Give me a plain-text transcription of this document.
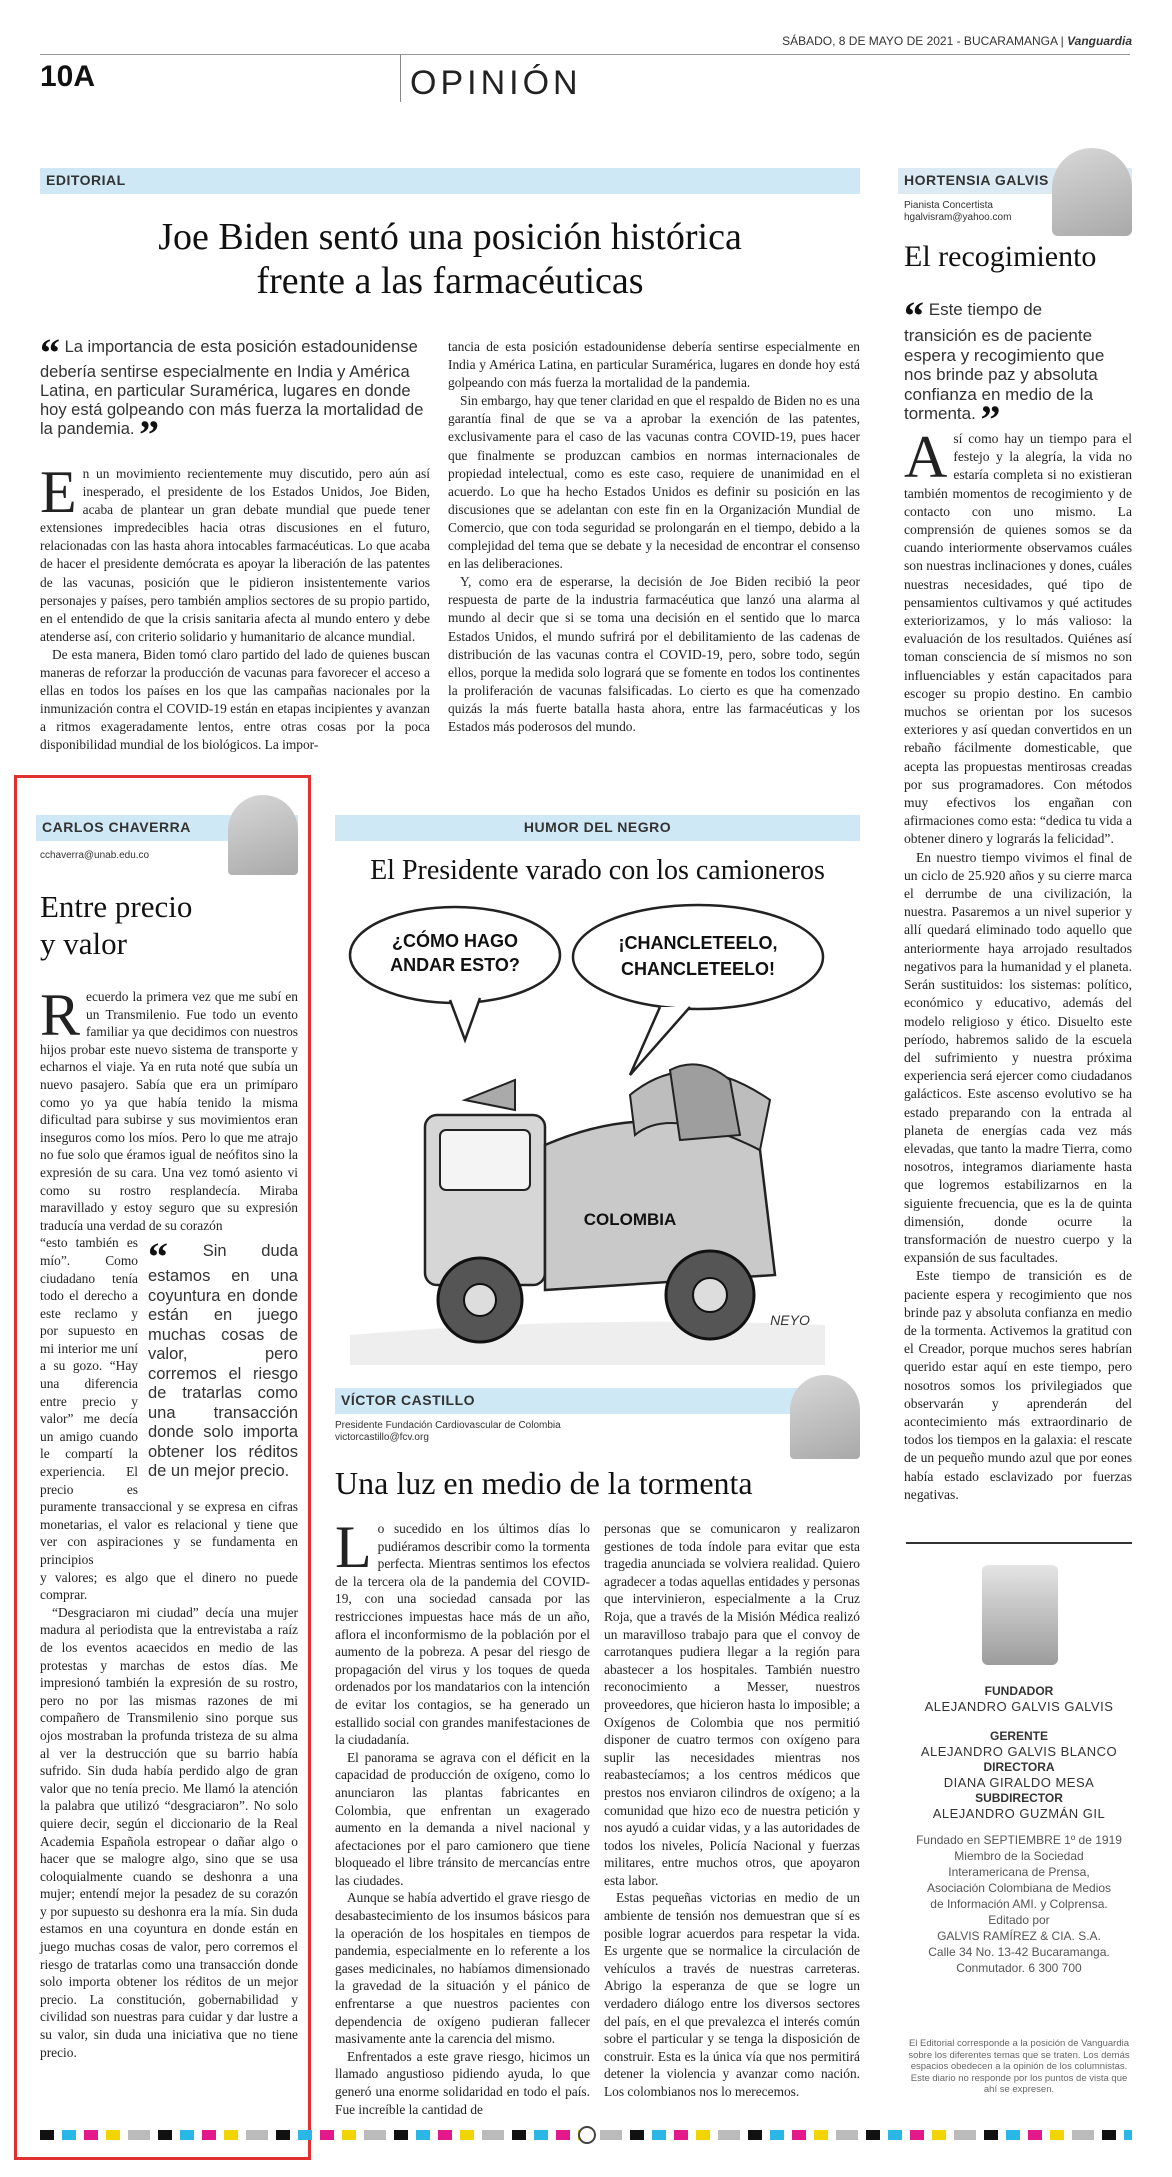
SÁBADO, 8 DE MAYO DE 2021 - BUCARAMANGA | Vanguardia
10A	OPINIÓN
EDITORIAL
Joe Biden sentó una posición histórica
frente a las farmacéuticas
“ La importancia de esta posición estadounidense debería sentirse especialmente en India y América Latina, en particular Suramérica, lugares en donde hoy está golpeando con más fuerza la mortalidad de la pandemia. ”

En un movimiento recientemente muy discutido, pero aún así inesperado, el presidente de los Estados Unidos, Joe Biden, acaba de plantear un gran debate mundial que puede tener extensiones impredecibles hacia otras discusiones en el futuro, relacionadas con las hasta ahora intocables farmacéuticas. Lo que acaba de hacer el presidente demócrata es apoyar la liberación de las patentes de las vacunas, posición que le pidieron insistentemente varios personajes y países, pero también amplios sectores de su propio partido, en el entendido de que la crisis sanitaria afecta al mundo entero y debe atenderse así, con criterio solidario y humanitario de alcance mundial.

De esta manera, Biden tomó claro partido del lado de quienes buscan maneras de reforzar la producción de vacunas para favorecer el acceso a ellas en todos los países en los que las campañas nacionales por la inmunización contra el COVID-19 están en etapas incipientes y avanzan a ritmos exageradamente lentos, entre otras cosas por la poca disponibilidad mundial de los biológicos. La impor-

tancia de esta posición estadounidense debería sentirse especialmente en India y América Latina, en particular Suramérica, lugares en donde hoy está golpeando con más fuerza la mortalidad de la pandemia.

Sin embargo, hay que tener claridad en que el respaldo de Biden no es una garantía final de que se va a aprobar la exención de las patentes, exclusivamente para el caso de las vacunas contra COVID-19, pues hacer que finalmente se produzcan cambios en normas internacionales de propiedad intelectual, como es este caso, requiere de unanimidad en el acuerdo. Lo que ha hecho Estados Unidos es definir su posición en las discusiones que se adelantan con este fin en la Organización Mundial de Comercio, que con toda seguridad se prolongarán en el tiempo, debido a la complejidad del tema que se debate y la necesidad de encontrar el consenso en las deliberaciones.

Y, como era de esperarse, la decisión de Joe Biden recibió la peor respuesta de parte de la industria farmacéutica que lanzó una alarma al mundo al decir que si se toma una decisión en el sentido que lo marca Estados Unidos, el mundo sufrirá por el debilitamiento de las cadenas de distribución de las vacunas contra el COVID-19, pero, sobre todo, según ellos, porque la medida solo logrará que se fomente en todos los continentes la proliferación de vacunas falsificadas. Lo cierto es que ha comenzado quizás la más fuerte batalla hasta ahora, entre las farmacéuticas y los Estados más poderosos del mundo.

HORTENSIA GALVIS
Pianista Concertista
hgalvisram@yahoo.com
El recogimiento
“ Este tiempo de transición es de paciente espera y recogimiento que nos brinde paz y absoluta confianza en medio de la tormenta. ”

Así como hay un tiempo para el festejo y la alegría, la vida no estaría completa si no existieran también momentos de recogimiento y de contacto con uno mismo. La comprensión de quienes somos se da cuando interiormente observamos cuáles son nuestras inclinaciones y dones, cuáles nuestras necesidades, qué tipo de pensamientos cultivamos y qué actitudes exteriorizamos, y lo más valioso: la evaluación de los resultados. Quiénes así toman consciencia de sí mismos no son influenciables y están capacitados para escoger su propio destino. En cambio muchos se orientan por los sucesos exteriores y así quedan convertidos en un rebaño fácilmente domesticable, que acepta las propuestas mentirosas creadas por sus programadores. Con métodos muy efectivos los engañan con afirmaciones como esta: “dedica tu vida a obtener dinero y lograrás la felicidad”.

En nuestro tiempo vivimos el final de un ciclo de 25.920 años y su cierre marca el derrumbe de una civilización, la nuestra. Pasaremos a un nivel superior y allí quedará eliminado todo aquello que anteriormente haya arrojado resultados negativos para la humanidad y el planeta. Serán sustituidos: los sistemas: político, económico y educativo, además del modelo religioso y ético. Disuelto este período, habremos salido de la escuela del sufrimiento y nuestra próxima experiencia será ejercer como ciudadanos galácticos. Este ascenso evolutivo se ha estado preparando con la entrada al planeta de energías cada vez más elevadas, que tanto la madre Tierra, como nosotros, integramos diariamente hasta que logremos estabilizarnos en la siguiente frecuencia, que es la de quinta dimensión, donde ocurre la transformación de nuestro cuerpo y la expansión de sus facultades.

Este tiempo de transición es de paciente espera y recogimiento que nos brinde paz y absoluta confianza en medio de la tormenta. Activemos la gratitud con el Creador, porque muchos seres habrían querido estar aquí en este tiempo, pero nosotros somos los privilegiados que observarán y aprenderán del acontecimiento más extraordinario de todos los tiempos en la galaxia: el rescate de un pequeño mundo azul que por eones había estado esclavizado por fuerzas negativas.

FUNDADOR
ALEJANDRO GALVIS GALVIS
GERENTE
ALEJANDRO GALVIS BLANCO
DIRECTORA
DIANA GIRALDO MESA
SUBDIRECTOR
ALEJANDRO GUZMÁN GIL
Fundado en SEPTIEMBRE 1º de 1919
Miembro de la Sociedad
Interamericana de Prensa,
Asociación Colombiana de Medios
de Información AMI. y Colprensa.
Editado por
GALVIS RAMÍREZ & CIA. S.A.
Calle 34 No. 13-42 Bucaramanga.
Conmutador. 6 300 700
El Editorial corresponde a la posición de Vanguardia sobre los diferentes temas que se traten. Los demás espacios obedecen a la opinión de los columnistas. Este diario no responde por los puntos de vista que ahí se expresen.
CARLOS CHAVERRA
cchaverra@unab.edu.co
Entre precio
y valor

Recuerdo la primera vez que me subí en un Transmilenio. Fue todo un evento familiar ya que decidimos con nuestros hijos probar este nuevo sistema de transporte y echarnos el viaje. Ya en ruta noté que subía un nuevo pasajero. Sabía que era un primíparo como yo ya que había tenido la misma dificultad para subirse y sus movimientos eran inseguros como los míos. Pero lo que me atrajo no fue solo que éramos igual de neófitos sino la expresión de su cara. Una vez tomó asiento vi como su rostro resplandecía. Miraba maravillado y estoy seguro que su expresión traducía una verdad de su corazón

“ Sin duda estamos en una coyuntura en donde están en juego muchas cosas de valor, pero corremos el riesgo de tratarlas como una transacción donde solo importa obtener los réditos de un mejor precio.

“esto también es mío”. Como ciudadano tenía todo el derecho a este reclamo y por supuesto en mi interior me uní a su gozo. “Hay una diferencia entre precio y valor” me decía un amigo cuando le compartí la experiencia. El precio es puramente transaccional y se expresa en cifras monetarias, el valor es relacional y tiene que ver con aspiraciones y se fundamenta en principios

y valores; es algo que el dinero no puede comprar.

“Desgraciaron mi ciudad” decía una mujer madura al periodista que la entrevistaba a raíz de los eventos acaecidos en medio de las protestas y marchas de estos días. Me impresionó también la expresión de su rostro, pero no por las mismas razones de mi compañero de Transmilenio sino porque sus ojos mostraban la profunda tristeza de su alma al ver la destrucción que su barrio había sufrido. Sin duda había perdido algo de gran valor que no tenía precio. Me llamó la atención la palabra que utilizó “desgraciaron”. No solo quiere decir, según el diccionario de la Real Academia Española estropear o dañar algo o hacer que se malogre algo, sino que se usa coloquialmente cuando se deshonra a una mujer; entendí mejor la pesadez de su corazón y por supuesto su deshonra era la mía. Sin duda estamos en una coyuntura en donde están en juego muchas cosas de valor, pero corremos el riesgo de tratarlas como una transacción donde solo importa obtener los réditos de un mejor precio. La constitución, gobernabilidad y civilidad son nuestras para cuidar y dar lustre a su valor, sin duda una iniciativa que no tiene precio.

HUMOR DEL NEGRO
El Presidente varado con los camioneros
¿CÓMO HAGO
ANDAR ESTO?
¡CHANCLETEELO,
CHANCLETEELO!
COLOMBIA
NEYO
VÍCTOR CASTILLO
Presidente Fundación Cardiovascular de Colombia
victorcastillo@fcv.org
Una luz en medio de la tormenta

Lo sucedido en los últimos días lo pudiéramos describir como la tormenta perfecta. Mientras sentimos los efectos de la tercera ola de la pandemia del COVID-19, con una sociedad cansada por las restricciones impuestas hace más de un año, aflora el inconformismo de la población por el aumento de la pobreza. A pesar del riesgo de propagación del virus y los toques de queda ordenados por los mandatarios con la intención de evitar los contagios, se ha generado un estallido social con grandes manifestaciones de la ciudadanía.

El panorama se agrava con el déficit en la capacidad de producción de oxígeno, como lo anunciaron las plantas fabricantes en Colombia, que enfrentan un exagerado aumento en la demanda a nivel nacional y afectaciones por el paro camionero que tiene bloqueado el libre tránsito de mercancías entre las ciudades.

Aunque se había advertido el grave riesgo de desabastecimiento de los insumos básicos para la operación de los hospitales en tiempos de pandemia, especialmente en lo referente a los gases medicinales, no habíamos dimensionado la gravedad de la situación y el pánico de enfrentarse a que nuestros pacientes con dependencia de oxígeno pudieran fallecer masivamente ante la carencia del mismo.

Enfrentados a este grave riesgo, hicimos un llamado angustioso pidiendo ayuda, lo que generó una enorme solidaridad en todo el país. Fue increíble la cantidad de

personas que se comunicaron y realizaron gestiones de toda índole para evitar que esta tragedia anunciada se volviera realidad. Quiero agradecer a todas aquellas entidades y personas que intervinieron, especialmente a la Cruz Roja, que a través de la Misión Médica realizó un maravilloso trabajo para que el convoy de carrotanques pudiera llegar a la región para abastecer a los hospitales. También nuestro reconocimiento a Messer, nuestros proveedores, que hicieron hasta lo imposible; a Oxígenos de Colombia que nos permitió disponer de cuatro termos con oxígeno para suplir las necesidades mientras nos reabastecíamos; a los centros médicos que prestos nos enviaron cilindros de oxígeno; a la comunidad que hizo eco de nuestra petición y nos ayudó a cuidar vidas, y a las autoridades de todos los niveles, Policía Nacional y fuerzas militares, entre muchos otros, que apoyaron esta labor.

Estas pequeñas victorias en medio de un ambiente de tensión nos demuestran que sí es posible lograr acuerdos para respetar la vida. Es urgente que se normalice la circulación de vehículos a través de nuestras carreteras. Abrigo la esperanza de que se logre un verdadero diálogo entre los diversos sectores del país, en el que prevalezca el interés común sobre el particular y se tenga la disposición de construir. Esta es la única vía que nos permitirá detener la violencia y avanzar como nación. Los colombianos nos lo merecemos.
